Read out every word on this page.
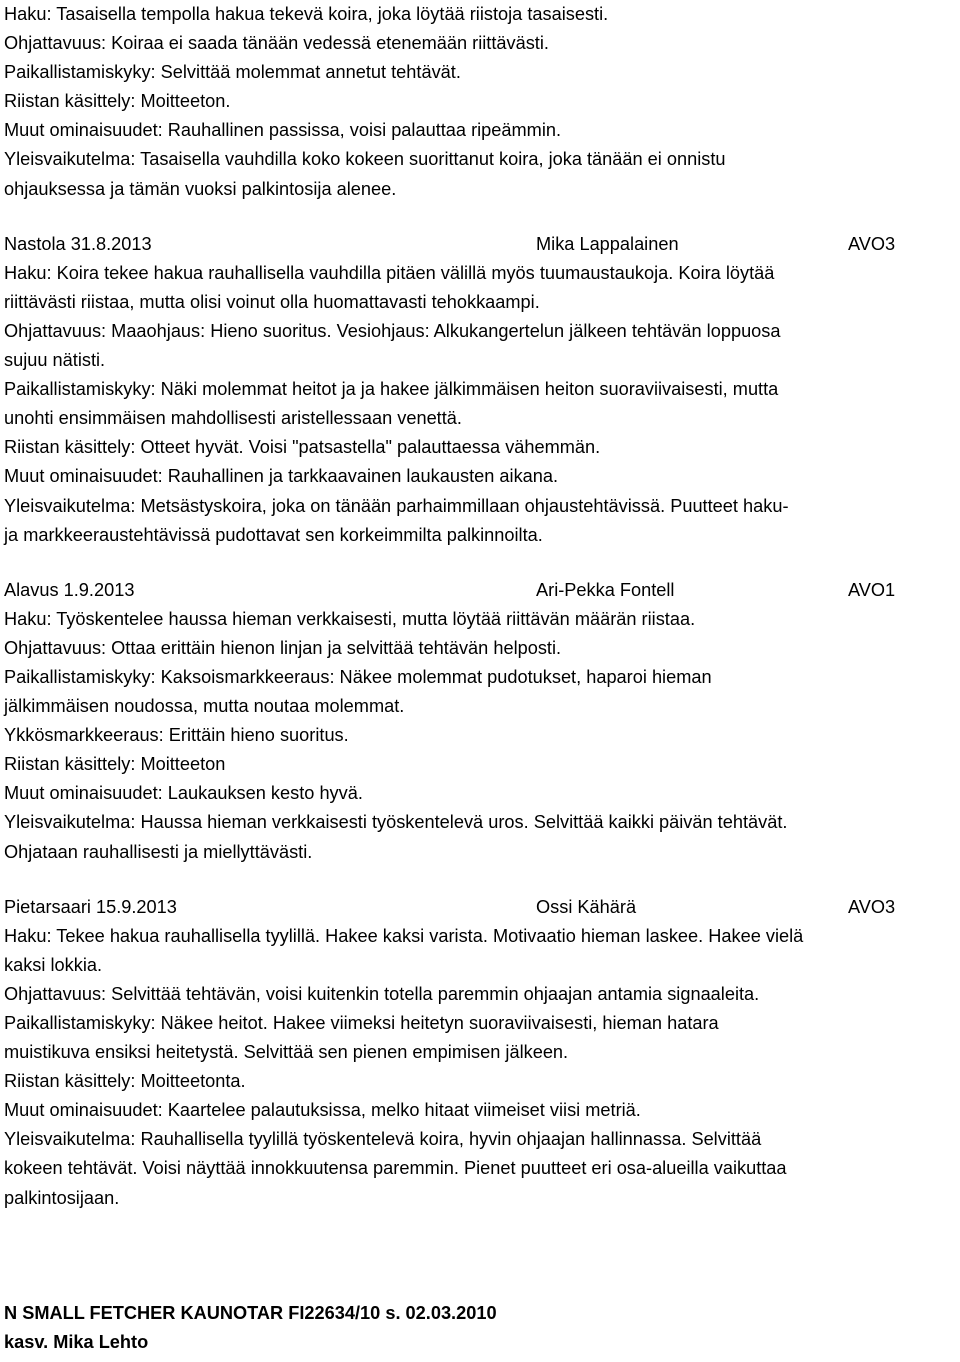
Haku: Tasaisella tempolla hakua tekevä koira, joka löytää riistoja tasaisesti.
Ohjattavuus: Koiraa ei saada tänään vedessä etenemään riittävästi.
Paikallistamiskyky: Selvittää molemmat annetut tehtävät.
Riistan käsittely: Moitteeton.
Muut ominaisuudet: Rauhallinen passissa, voisi palauttaa ripeämmin.
Yleisvaikutelma: Tasaisella vauhdilla koko kokeen suorittanut koira, joka tänään ei onnistu
ohjauksessa ja tämän vuoksi palkintosija alenee.
Nastola 31.8.2013	Mika Lappalainen	AVO3
Haku: Koira tekee hakua rauhallisella vauhdilla pitäen välillä myös tuumaustaukoja. Koira löytää
riittävästi riistaa, mutta olisi voinut olla huomattavasti tehokkaampi.
Ohjattavuus: Maaohjaus: Hieno suoritus. Vesiohjaus: Alkukangertelun jälkeen tehtävän loppuosa
sujuu nätisti.
Paikallistamiskyky: Näki molemmat heitot ja ja hakee jälkimmäisen heiton suoraviivaisesti, mutta
unohti ensimmäisen mahdollisesti aristellessaan venettä.
Riistan käsittely: Otteet hyvät. Voisi "patsastella" palauttaessa vähemmän.
Muut ominaisuudet: Rauhallinen ja tarkkaavainen laukausten aikana.
Yleisvaikutelma: Metsästyskoira, joka on tänään parhaimmillaan ohjaustehtävissä. Puutteet haku-
ja markkeeraustehtävissä pudottavat sen korkeimmilta palkinnoilta.
Alavus 1.9.2013	Ari-Pekka Fontell	AVO1
Haku: Työskentelee haussa hieman verkkaisesti, mutta löytää riittävän määrän riistaa.
Ohjattavuus: Ottaa erittäin hienon linjan ja selvittää tehtävän helposti.
Paikallistamiskyky: Kaksoismarkkeeraus: Näkee molemmat pudotukset, haparoi hieman
jälkimmäisen noudossa, mutta noutaa molemmat.
Ykkösmarkkeeraus: Erittäin hieno suoritus.
Riistan käsittely: Moitteeton
Muut ominaisuudet: Laukauksen kesto hyvä.
Yleisvaikutelma: Haussa hieman verkkaisesti työskentelevä uros. Selvittää kaikki päivän tehtävät.
Ohjataan rauhallisesti ja miellyttävästi.
Pietarsaari 15.9.2013	Ossi Kähärä	AVO3
Haku: Tekee hakua rauhallisella tyylillä. Hakee kaksi varista. Motivaatio hieman laskee. Hakee vielä
kaksi lokkia.
Ohjattavuus: Selvittää tehtävän, voisi kuitenkin totella paremmin ohjaajan antamia signaaleita.
Paikallistamiskyky: Näkee heitot. Hakee viimeksi heitetyn suoraviivaisesti, hieman hatara
muistikuva ensiksi heitetystä. Selvittää sen pienen empimisen jälkeen.
Riistan käsittely: Moitteetonta.
Muut ominaisuudet: Kaartelee palautuksissa, melko hitaat viimeiset viisi metriä.
Yleisvaikutelma: Rauhallisella tyylillä työskentelevä koira, hyvin ohjaajan hallinnassa. Selvittää
kokeen tehtävät. Voisi näyttää innokkuutensa paremmin. Pienet puutteet eri osa-alueilla vaikuttaa
palkintosijaan.
N SMALL FETCHER KAUNOTAR FI22634/10 s. 02.03.2010
kasv. Mika Lehto
